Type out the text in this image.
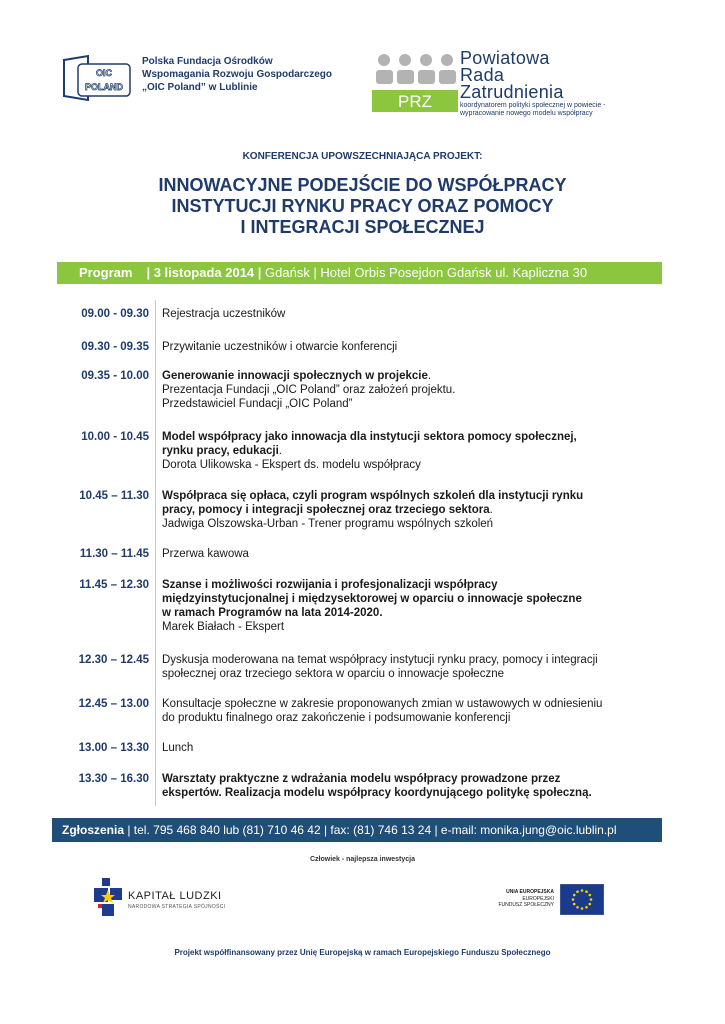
OIC
POLAND
Polska Fundacja Ośrodków
Wspomagania Rozwoju Gospodarczego
„OIC Poland” w Lublinie
PRZ
Powiatowa
Rada
Zatrudnienia
koordynatorem polityki społecznej w powiecie -
wypracowanie nowego modelu współpracy
KONFERENCJA UPOWSZECHNIAJĄCA PROJEKT:
INNOWACYJNE PODEJŚCIE DO WSPÓŁPRACY
INSTYTUCJI RYNKU PRACY ORAZ POMOCY
I INTEGRACJI SPOŁECZNEJ
Program | 3 listopada 2014 | Gdańsk | Hotel Orbis Posejdon Gdańsk ul. Kapliczna 30
09.00 - 09.30 Rejestracja uczestników
09.30 - 09.35 Przywitanie uczestników i otwarcie konferencji
09.35 - 10.00 Generowanie innowacji społecznych w projekcie.
Prezentacja Fundacji „OIC Poland” oraz założeń projektu.
Przedstawiciel Fundacji „OIC Poland”
10.00 - 10.45 Model współpracy jako innowacja dla instytucji sektora pomocy społecznej,
rynku pracy, edukacji.
Dorota Ulikowska - Ekspert ds. modelu współpracy
10.45 – 11.30 Współpraca się opłaca, czyli program wspólnych szkoleń dla instytucji rynku
pracy, pomocy i integracji społecznej oraz trzeciego sektora.
Jadwiga Olszowska-Urban - Trener programu wspólnych szkoleń
11.30 – 11.45 Przerwa kawowa
11.45 – 12.30 Szanse i możliwości rozwijania i profesjonalizacji współpracy
międzyinstytucjonalnej i międzysektorowej w oparciu o innowacje społeczne
w ramach Programów na lata 2014-2020.
Marek Białach - Ekspert
12.30 – 12.45 Dyskusja moderowana na temat współpracy instytucji rynku pracy, pomocy i integracji
społecznej oraz trzeciego sektora w oparciu o innowacje społeczne
12.45 – 13.00 Konsultacje społeczne w zakresie proponowanych zmian w ustawowych w odniesieniu
do produktu finalnego oraz zakończenie i podsumowanie konferencji
13.00 – 13.30 Lunch
13.30 – 16.30 Warsztaty praktyczne z wdrażania modelu współpracy prowadzone przez
ekspertów. Realizacja modelu współpracy koordynującego politykę społeczną.
Zgłoszenia | tel. 795 468 840 lub (81) 710 46 42 | fax: (81) 746 13 24 | e-mail: monika.jung@oic.lublin.pl
Człowiek - najlepsza inwestycja
KAPITAŁ LUDZKI
NARODOWA STRATEGIA SPÓJNOŚCI
UNIA EUROPEJSKA
EUROPEJSKI
FUNDUSZ SPOŁECZNY
Projekt współfinansowany przez Unię Europejską w ramach Europejskiego Funduszu Społecznego
